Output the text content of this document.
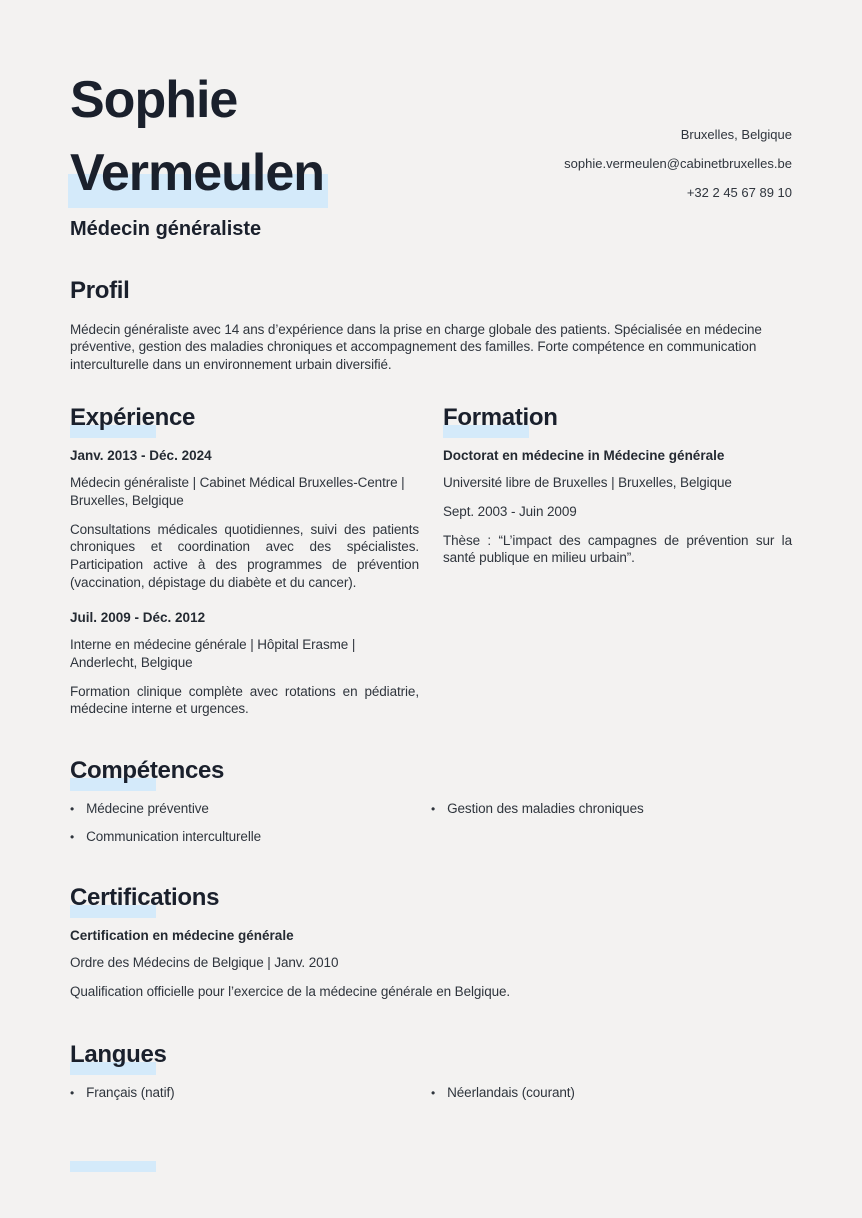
Sophie
Vermeulen
Médecin généraliste
Bruxelles, Belgique
sophie.vermeulen@cabinetbruxelles.be
+32 2 45 67 89 10
Profil

Médecin généraliste avec 14 ans d’expérience dans la prise en charge globale des patients. Spécialisée en médecine préventive, gestion des maladies chroniques et accompagnement des familles. Forte compétence en communication interculturelle dans un environnement urbain diversifié.

Expérience
Janv. 2013 - Déc. 2024
Médecin généraliste | Cabinet Médical Bruxelles-Centre | Bruxelles, Belgique

Consultations médicales quotidiennes, suivi des patients chroniques et coordination avec des spécialistes. Participation active à des programmes de prévention (vaccination, dépistage du diabète et du cancer).

Juil. 2009 - Déc. 2012
Interne en médecine générale | Hôpital Erasme | Anderlecht, Belgique

Formation clinique complète avec rotations en pédiatrie, médecine interne et urgences.

Formation
Doctorat en médecine in Médecine générale
Université libre de Bruxelles | Bruxelles, Belgique
Sept. 2003 - Juin 2009

Thèse : “L’impact des campagnes de prévention sur la santé publique en milieu urbain”.

Compétences
• Médecine préventive	• Gestion des maladies chroniques
• Communication interculturelle
Certifications
Certification en médecine générale
Ordre des Médecins de Belgique | Janv. 2010
Qualification officielle pour l’exercice de la médecine générale en Belgique.
Langues
• Français (natif)	• Néerlandais (courant)
